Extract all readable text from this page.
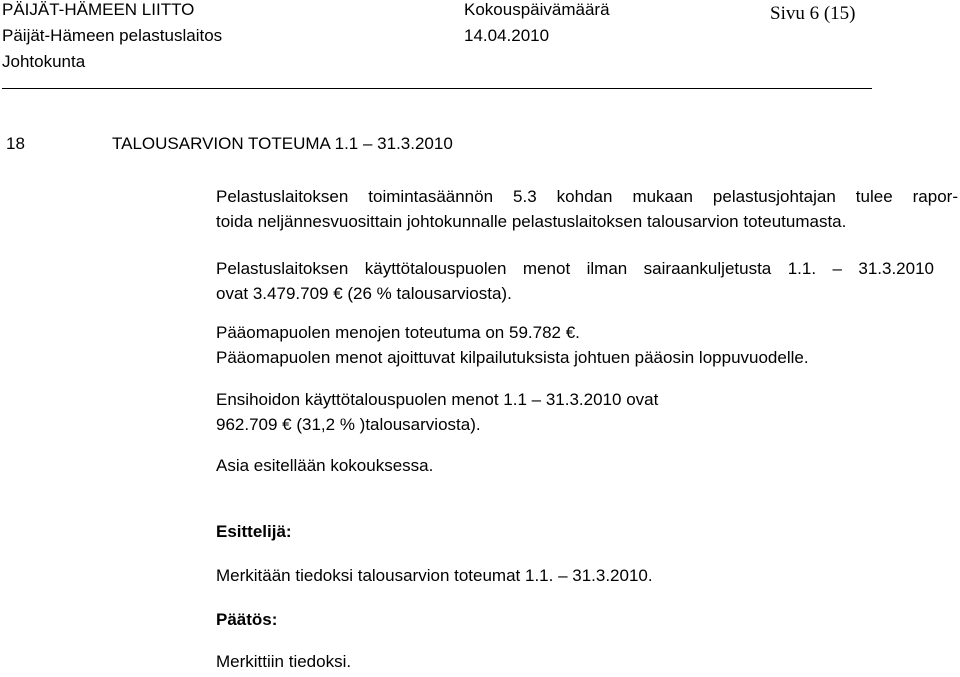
PÄIJÄT-HÄMEEN LIITTO
Päijät-Hämeen pelastuslaitos
Johtokunta
Kokouspäivämäärä
14.04.2010
Sivu 6 (15)
18	TALOUSARVION TOTEUMA 1.1 – 31.3.2010
Pelastuslaitoksen toimintasäännön 5.3 kohdan mukaan pelastusjohtajan tulee rapor-
toida neljännesvuosittain johtokunnalle pelastuslaitoksen talousarvion toteutumasta.
Pelastuslaitoksen käyttötalouspuolen menot ilman sairaankuljetusta 1.1. – 31.3.2010
ovat 3.479.709 € (26 % talousarviosta).
Pääomapuolen menojen toteutuma on 59.782 €.
Pääomapuolen menot ajoittuvat kilpailutuksista johtuen pääosin loppuvuodelle.
Ensihoidon käyttötalouspuolen menot 1.1 – 31.3.2010 ovat
962.709 € (31,2 % )talousarviosta).
Asia esitellään kokouksessa.
Esittelijä:
Merkitään tiedoksi talousarvion toteumat 1.1. – 31.3.2010.
Päätös:
Merkittiin tiedoksi.
